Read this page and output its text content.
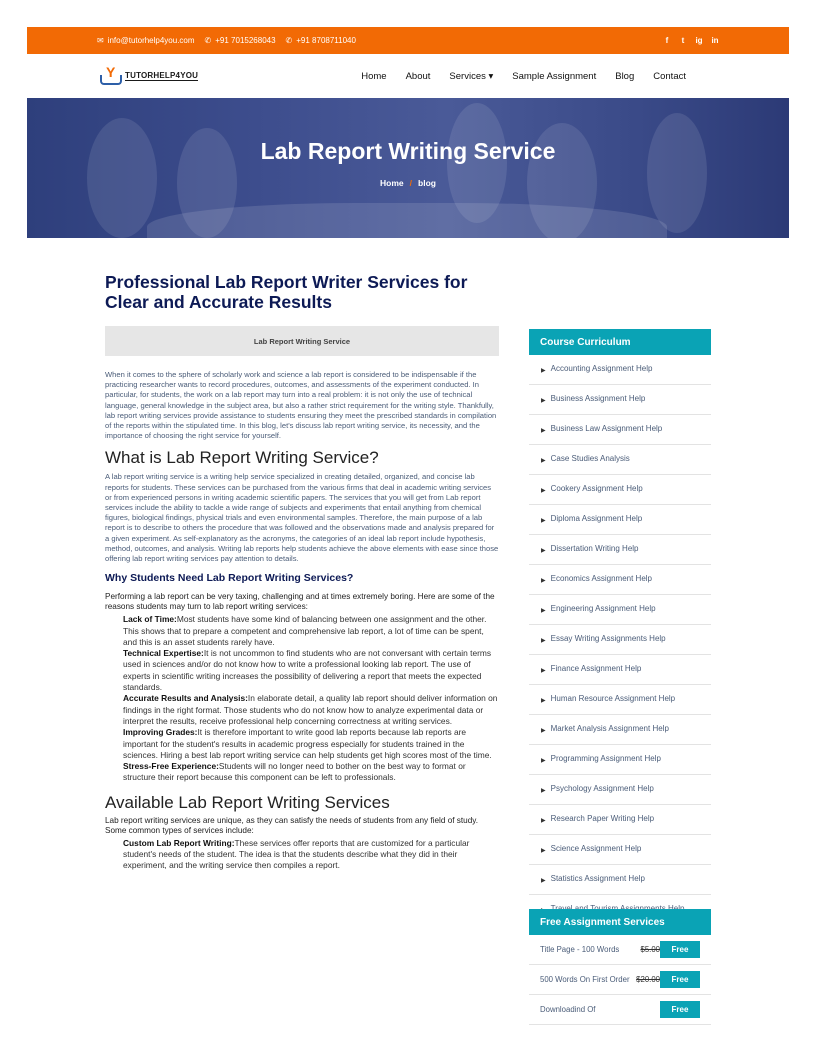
✉ info@tutorhelp4you.com ✆ +91 7015268043 ✆ +91 8708711040	f	t	ig in
Y TUTORHELP4YOU	Home About Services ▾ Sample Assignment Blog Contact
Lab Report Writing Service
Home / blog
Professional Lab Report Writer Services for Clear and Accurate Results
Lab Report Writing Service

When it comes to the sphere of scholarly work and science a lab report is considered to be indispensable if the practicing researcher wants to record procedures, outcomes, and assessments of the experiment conducted. In particular, for students, the work on a lab report may turn into a real problem: it is not only the use of technical language, general knowledge in the subject area, but also a rather strict requirement for the writing style. Thankfully, lab report writing services provide assistance to students ensuring they meet the prescribed standards in compilation of the reports within the stipulated time. In this blog, let's discuss lab report writing service, its necessity, and the importance of choosing the right service for yourself.

What is Lab Report Writing Service?

A lab report writing service is a writing help service specialized in creating detailed, organized, and concise lab reports for students. These services can be purchased from the various firms that deal in academic writing services or from experienced persons in writing academic scientific papers. The services that you will get from Lab report services include the ability to tackle a wide range of subjects and experiments that entail anything from chemical figures, biological findings, physical trials and even environmental samples. Therefore, the main purpose of a lab report is to describe to others the procedure that was followed and the observations made and analysis prepared for a given experiment. As self-explanatory as the acronyms, the categories of an ideal lab report include hypothesis, method, outcomes, and analysis. Writing lab reports help students achieve the above elements with ease since those offering lab report writing services pay attention to details.

Why Students Need Lab Report Writing Services?

Performing a lab report can be very taxing, challenging and at times extremely boring. Here are some of the reasons students may turn to lab report writing services:

Lack of Time:Most students have some kind of balancing between one assignment and the other. This shows that to prepare a competent and comprehensive lab report, a lot of time can be spent, and this is an asset students rarely have.
Technical Expertise:It is not uncommon to find students who are not conversant with certain terms used in sciences and/or do not know how to write a professional looking lab report. The use of experts in scientific writing increases the possibility of delivering a report that meets the expected standards.
Accurate Results and Analysis:In elaborate detail, a quality lab report should deliver information on findings in the right format. Those students who do not know how to analyze experimental data or interpret the results, receive professional help concerning correctness at writing services.
Improving Grades:It is therefore important to write good lab reports because lab reports are important for the student's results in academic progress especially for students trained in the sciences. Hiring a best lab report writing service can help students get high scores most of the time.
Stress-Free Experience:Students will no longer need to bother on the best way to format or structure their report because this component can be left to professionals.
Available Lab Report Writing Services

Lab report writing services are unique, as they can satisfy the needs of students from any field of study. Some common types of services include:

Custom Lab Report Writing:These services offer reports that are customized for a particular student's needs of the student. The idea is that the students describe what they did in their experiment, and the writing service then compiles a report.
Course Curriculum
▶ Accounting Assignment Help
▶ Business Assignment Help
▶ Business Law Assignment Help
▶ Case Studies Analysis
▶ Cookery Assignment Help
▶ Diploma Assignment Help
▶ Dissertation Writing Help
▶ Economics Assignment Help
▶ Engineering Assignment Help
▶ Essay Writing Assignments Help
▶ Finance Assignment Help
▶ Human Resource Assignment Help
▶ Market Analysis Assignment Help
▶ Programming Assignment Help
▶ Psychology Assignment Help
▶ Research Paper Writing Help
▶ Science Assignment Help
▶ Statistics Assignment Help
Free Assignment Services
Title Page - 100 Words	$5.00	Free
500 Words On First Order $20.00	Free
Downloadind Of	Free
